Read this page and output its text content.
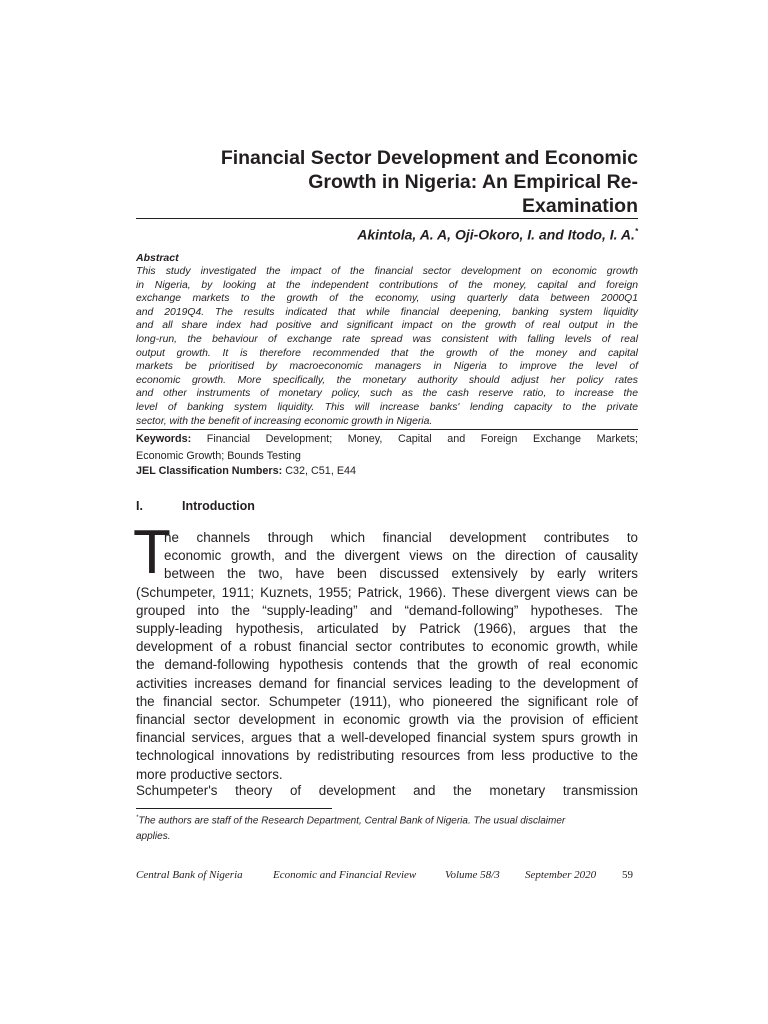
Financial Sector Development and Economic
Growth in Nigeria: An Empirical Re-
Examination
Akintola, A. A, Oji-Okoro, I. and Itodo, I. A.*
Abstract
This study investigated the impact of the financial sector development on economic growth
in Nigeria, by looking at the independent contributions of the money, capital and foreign
exchange markets to the growth of the economy, using quarterly data between 2000Q1
and 2019Q4. The results indicated that while financial deepening, banking system liquidity
and all share index had positive and significant impact on the growth of real output in the
long-run, the behaviour of exchange rate spread was consistent with falling levels of real
output growth. It is therefore recommended that the growth of the money and capital
markets be prioritised by macroeconomic managers in Nigeria to improve the level of
economic growth. More specifically, the monetary authority should adjust her policy rates
and other instruments of monetary policy, such as the cash reserve ratio, to increase the
level of banking system liquidity. This will increase banks' lending capacity to the private
sector, with the benefit of increasing economic growth in Nigeria.
Keywords: Financial Development; Money, Capital and Foreign Exchange Markets;
Economic Growth; Bounds Testing
JEL Classification Numbers: C32, C51, E44
I.	Introduction
T
he channels through which financial development contributes to
economic growth, and the divergent views on the direction of causality
between the two, have been discussed extensively by early writers
(Schumpeter, 1911; Kuznets, 1955; Patrick, 1966). These divergent views can be
grouped into the “supply-leading” and “demand-following” hypotheses. The
supply-leading hypothesis, articulated by Patrick (1966), argues that the
development of a robust financial sector contributes to economic growth, while
the demand-following hypothesis contends that the growth of real economic
activities increases demand for financial services leading to the development of
the financial sector. Schumpeter (1911), who pioneered the significant role of
financial sector development in economic growth via the provision of efficient
financial services, argues that a well-developed financial system spurs growth in
technological innovations by redistributing resources from less productive to the
more productive sectors.
Schumpeter's theory of development and the monetary transmission
*The authors are staff of the Research Department, Central Bank of Nigeria. The usual disclaimer
applies.
Central Bank of Nigeria	Economic and Financial Review	Volume 58/3 September 2020 59
